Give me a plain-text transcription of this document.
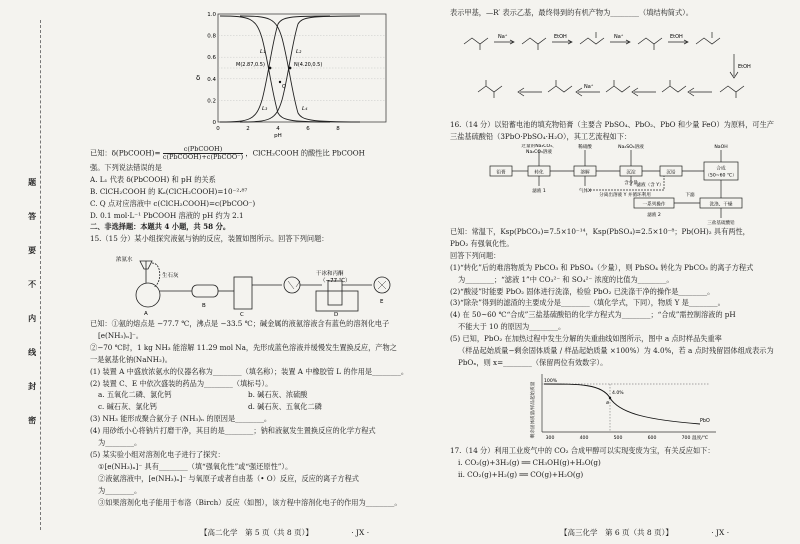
题
答
要
不
内
线
封
密
δ
1.0
0.8
0.6
0.4
0.2
0
0	2	4	6	8
pH
L₁	L₂
L₃	L₄
M(2.87,0.5)	N(4.20,0.5)
Q
已知：δ(PbCOOH)=	c(PbCOOH)
c(PbCOOH)+c(PbCOO⁻) ，ClCH₂COOH 的酸性比 PbCOOH
强。下列说法错误的是
A. L₁ 代表 δ(PbCOOH) 和 pH 的关系
B. ClCH₂COOH 的 Kₐ(ClCH₂COOH)=10⁻²·⁸⁷
C. Q 点对应溶液中 c(ClCH₂COOH)=c(PbCOO⁻)
D. 0.1 mol·L⁻¹ PbCOOH 溶液的 pH 约为 2.1
二、非选择题：本题共 4 小题，共 58 分。
15.（15 分）某小组探究液氨与钠的反应，装置如图所示。回答下列问题：
浓氨水
生石灰	干冰和丙酮
（−77 ℃）
A
B
C	D
E
已知：①氨的熔点是 −77.7 ℃，沸点是 −33.5 ℃；碱金属的液氨溶液含有蓝色的溶剂化电子
[e(NH₃)ₙ]⁻。
②−70 ℃时，1 kg NH₃ 能溶解 11.29 mol Na，先形成蓝色溶液并缓慢发生置换反应，产物之
一是氨基化钠(NaNH₂)。
(1) 装置 A 中盛放浓氨水的仪器名称为________（填名称）；装置 A 中橡胶管 L 的作用是________。
(2) 装置 C、E 中依次盛装的药品为________（填标号）。
a. 五氧化二磷、氯化钙	b. 碱石灰、浓硫酸
c. 碱石灰、氯化钙	d. 碱石灰、五氧化二磷
(3) NH₃ 能形成聚合氨分子 (NH₃)ₙ 的原因是________。
(4) 用砂纸小心将钠片打磨干净，其目的是________；钠和液氨发生置换反应的化学方程式
为________。
(5) 某实验小组对溶剂化电子进行了探究：
①[e(NH₃)ₙ]⁻ 具有________（填“强氧化性”或“强还原性”）。
②液氨溶液中，[e(NH₃)ₙ]⁻ 与氧原子或者自由基（• O）反应，反应的离子方程式
为________。
③如果溶剂化电子能用于布洛（Birch）反应（如图），该方程中溶剂化电子的作用为________。
【高二化学　第 5 页（共 8 页）】	· JX ·
表示甲基，—R′ 表示乙基，最终得到的有机产物为________（填结构简式）。
Na⁺	EtOH	Na⁺	EtOH
EtOH
Na⁺
16.（14 分）以铅蓄电池的填充物铅膏（主要含 PbSO₄、PbO₂、PbO 和少量 FeO）为原料，可生产
三盐基硫酸铅（3PbO·PbSO₄·H₂O），其工艺流程如下：
过量的Na₂CO₃、
Na₂CO₃溶液
稀硝酸	Na₂SO₄溶液	NaOH
铅膏	转化	溶解	沉淀	沉铅
合成
（50~60 ℃）
一系列操作	洗涤、干燥
滤液 1	气体X
含少量
滤液（含 Y）
分离出溶液 Y 并循环利用	下滤
滤液 2
三盐基硫酸铅
已知：常温下，Ksp(PbCO₃)=7.5×10⁻¹⁴，Ksp(PbSO₄)=2.5×10⁻⁸；Pb(OH)₂ 具有两性，
PbO₂ 有强氧化性。
回答下列问题：
(1)“转化”后的难溶物质为 PbCO₃ 和 PbSO₄（少量），则 PbSO₄ 转化为 PbCO₃ 的离子方程式
为________；“滤液 1”中 CO₃²⁻ 和 SO₄²⁻ 浓度的比值为________。
(2)“酸浸”时能要 PbO₂ 固体进行洗涤，检验 PbO₂ 已洗涤干净的操作是________。
(3)“除杂”得到的滤渣的主要成分是________（填化学式，下同），物质 Y 是________。
(4) 在 50~60 ℃“合成”三盐基硫酸铅的化学方程式为________；“合成”需控制溶液的 pH
不能大于 10 的原因为________。
(5) 已知，PbO₂ 在加热过程中发生分解的失重曲线如图所示，图中 a 点时样品失重率
（样品起始质量−剩余固体质量 / 样品起始质量 ×100%）为 4.0%，若 a 点时残留固体组成表示为
PbOₓ，则 x=________（保留两位有效数字）。
剩余固体质量/样品起始质量
100%
4.0%
a
PbO
300	400	500	600	700 温度/℃
17.（14 分）利用工业废气中的 CO₂ 合成甲醇可以实现变废为宝，有关反应如下：
i. CO₂(g)+3H₂(g) ══ CH₃OH(g)+H₂O(g)
ii. CO₂(g)+H₂(g) ══ CO(g)+H₂O(g)
【高三化学　第 6 页（共 8 页）】	· JX ·
